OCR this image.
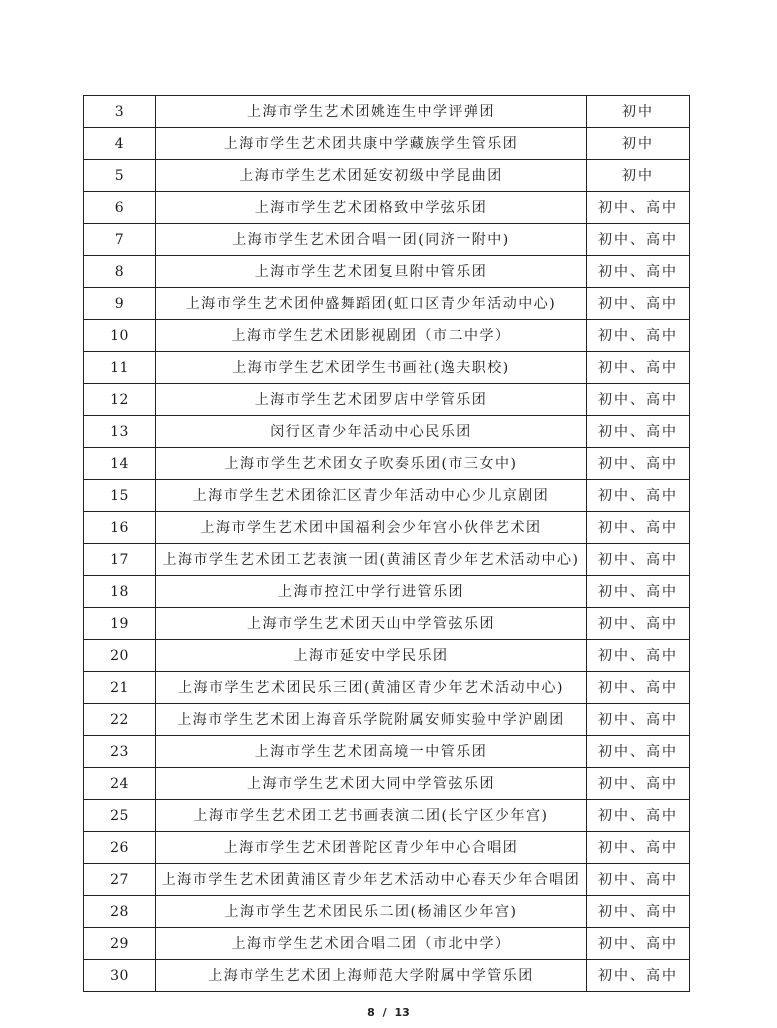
3	上海市学生艺术团姚连生中学评弹团	初中
4	上海市学生艺术团共康中学藏族学生管乐团	初中
5	上海市学生艺术团延安初级中学昆曲团	初中
6	上海市学生艺术团格致中学弦乐团	初中、高中
7	上海市学生艺术团合唱一团(同济一附中)	初中、高中
8	上海市学生艺术团复旦附中管乐团	初中、高中
9	上海市学生艺术团仲盛舞蹈团(虹口区青少年活动中心)	初中、高中
10	上海市学生艺术团影视剧团（市二中学）	初中、高中
11	上海市学生艺术团学生书画社(逸夫职校)	初中、高中
12	上海市学生艺术团罗店中学管乐团	初中、高中
13	闵行区青少年活动中心民乐团	初中、高中
14	上海市学生艺术团女子吹奏乐团(市三女中)	初中、高中
15	上海市学生艺术团徐汇区青少年活动中心少儿京剧团	初中、高中
16	上海市学生艺术团中国福利会少年宫小伙伴艺术团	初中、高中
17	上海市学生艺术团工艺表演一团(黄浦区青少年艺术活动中心)	初中、高中
18	上海市控江中学行进管乐团	初中、高中
19	上海市学生艺术团天山中学管弦乐团	初中、高中
20	上海市延安中学民乐团	初中、高中
21	上海市学生艺术团民乐三团(黄浦区青少年艺术活动中心)	初中、高中
22	上海市学生艺术团上海音乐学院附属安师实验中学沪剧团	初中、高中
23	上海市学生艺术团高境一中管乐团	初中、高中
24	上海市学生艺术团大同中学管弦乐团	初中、高中
25	上海市学生艺术团工艺书画表演二团(长宁区少年宫)	初中、高中
26	上海市学生艺术团普陀区青少年中心合唱团	初中、高中
27	上海市学生艺术团黄浦区青少年艺术活动中心春天少年合唱团	初中、高中
28	上海市学生艺术团民乐二团(杨浦区少年宫)	初中、高中
29	上海市学生艺术团合唱二团（市北中学）	初中、高中
30	上海市学生艺术团上海师范大学附属中学管乐团	初中、高中
8 / 13
